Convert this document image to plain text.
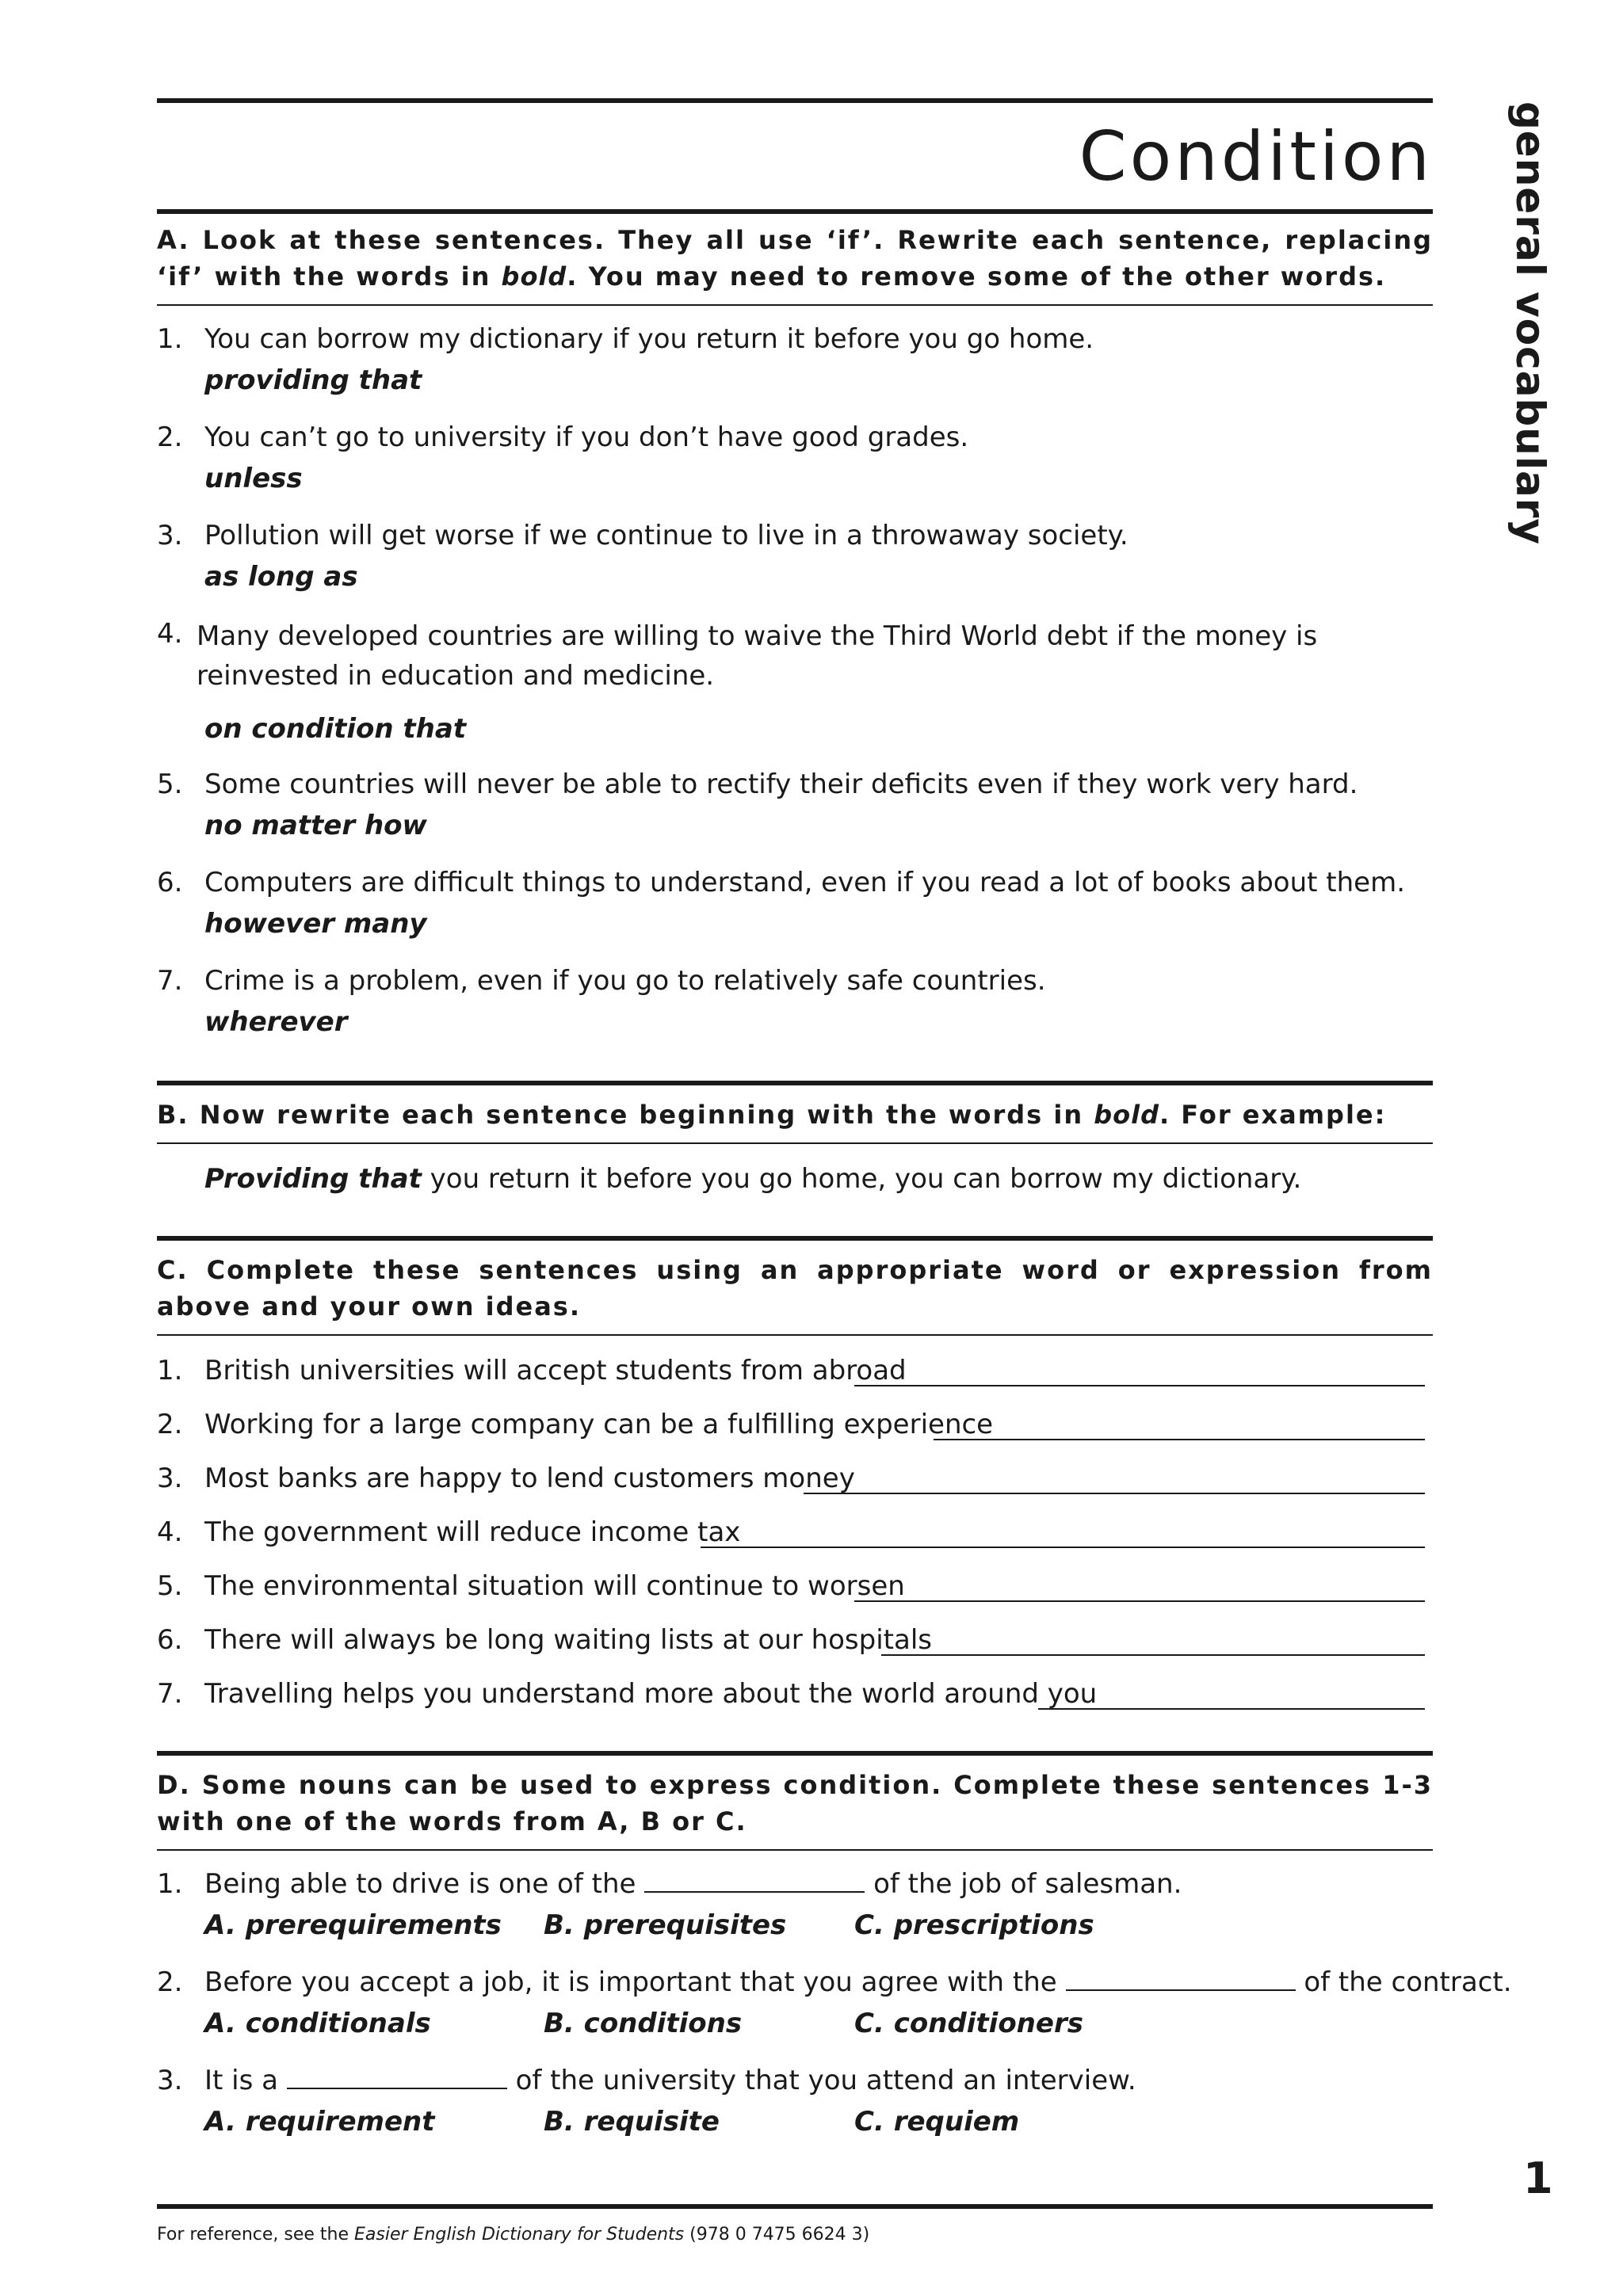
Condition general vocabulary
A. Look at these sentences. They all use ‘if’. Rewrite each sentence, replacing ‘if’ with the words in bold. You may need to remove some of the other words.
1. You can borrow my dictionary if you return it before you go home.
providing that
2. You can’t go to university if you don’t have good grades.
unless
3. Pollution will get worse if we continue to live in a throwaway society.
as long as
4. Many developed countries are willing to waive the Third World debt if the money is reinvested in education and medicine.
on condition that
5. Some countries will never be able to rectify their deficits even if they work very hard.
no matter how
6. Computers are difficult things to understand, even if you read a lot of books about them.
however many
7. Crime is a problem, even if you go to relatively safe countries.
wherever
B. Now rewrite each sentence beginning with the words in bold. For example:
Providing that you return it before you go home, you can borrow my dictionary.
C. Complete these sentences using an appropriate word or expression from above and your own ideas.
1. British universities will accept students from abroad
2. Working for a large company can be a fulfilling experience
3. Most banks are happy to lend customers money
4. The government will reduce income tax
5. The environmental situation will continue to worsen
6. There will always be long waiting lists at our hospitals
7. Travelling helps you understand more about the world around you
D. Some nouns can be used to express condition. Complete these sentences 1-3 with one of the words from A, B or C.
1. Being able to drive is one of the	of the job of salesman.
A. prerequirements B. prerequisites	C. prescriptions
2. Before you accept a job, it is important that you agree with the	of the contract.
A. conditionals	B. conditions	C. conditioners
3. It is a	of the university that you attend an interview.
A. requirement	B. requisite	C. requiem
1
For reference, see the Easier English Dictionary for Students (978 0 7475 6624 3)
